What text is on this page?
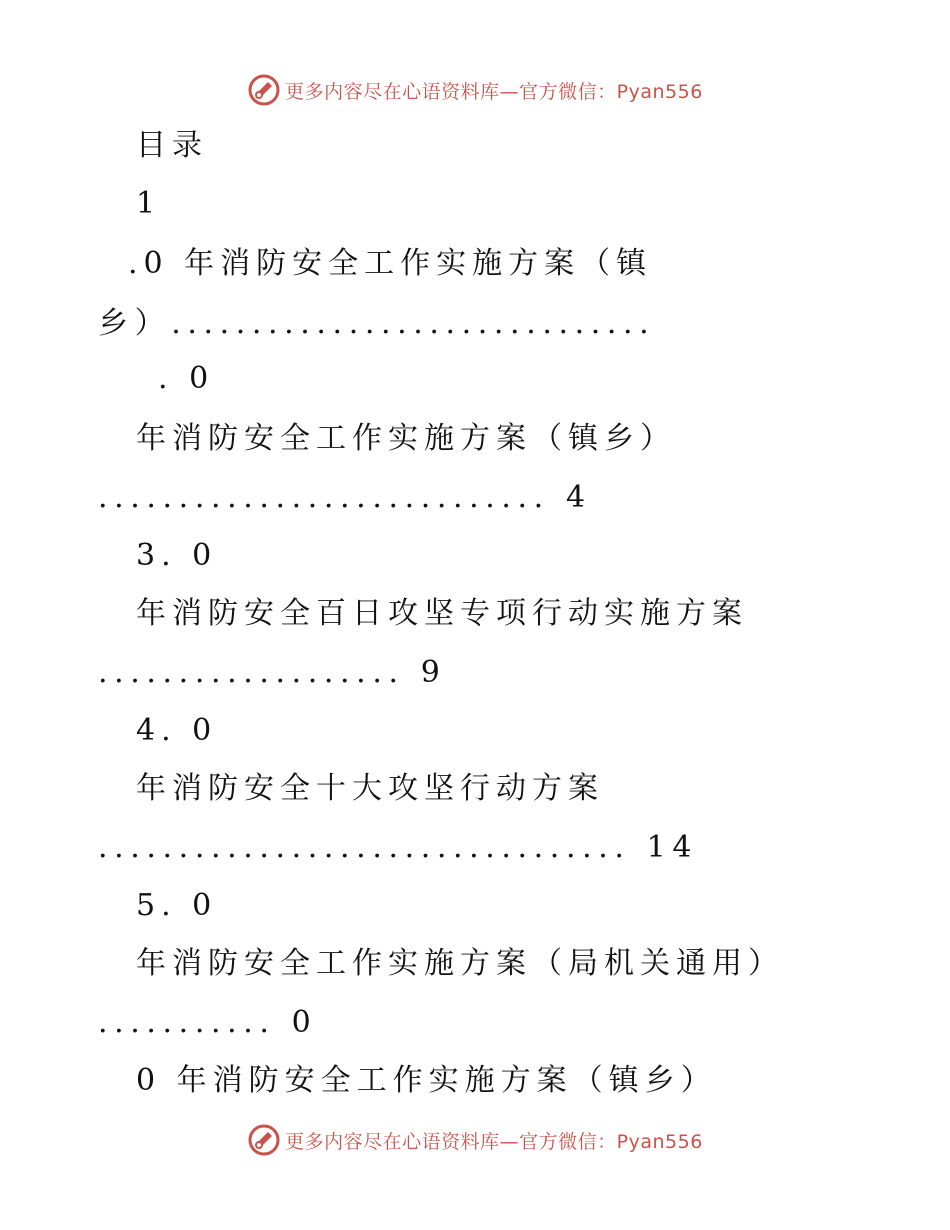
更多内容尽在心语资料库—官方微信：Pyan556
目录
1
.0 年消防安全工作实施方案（镇
乡）..............................
. 0
年消防安全工作实施方案（镇乡）
............................ 4
3. 0
年消防安全百日攻坚专项行动实施方案
................... 9
4. 0
年消防安全十大攻坚行动方案
................................. 14
5. 0
年消防安全工作实施方案（局机关通用）
........... 0
0 年消防安全工作实施方案（镇乡）
更多内容尽在心语资料库—官方微信：Pyan556
